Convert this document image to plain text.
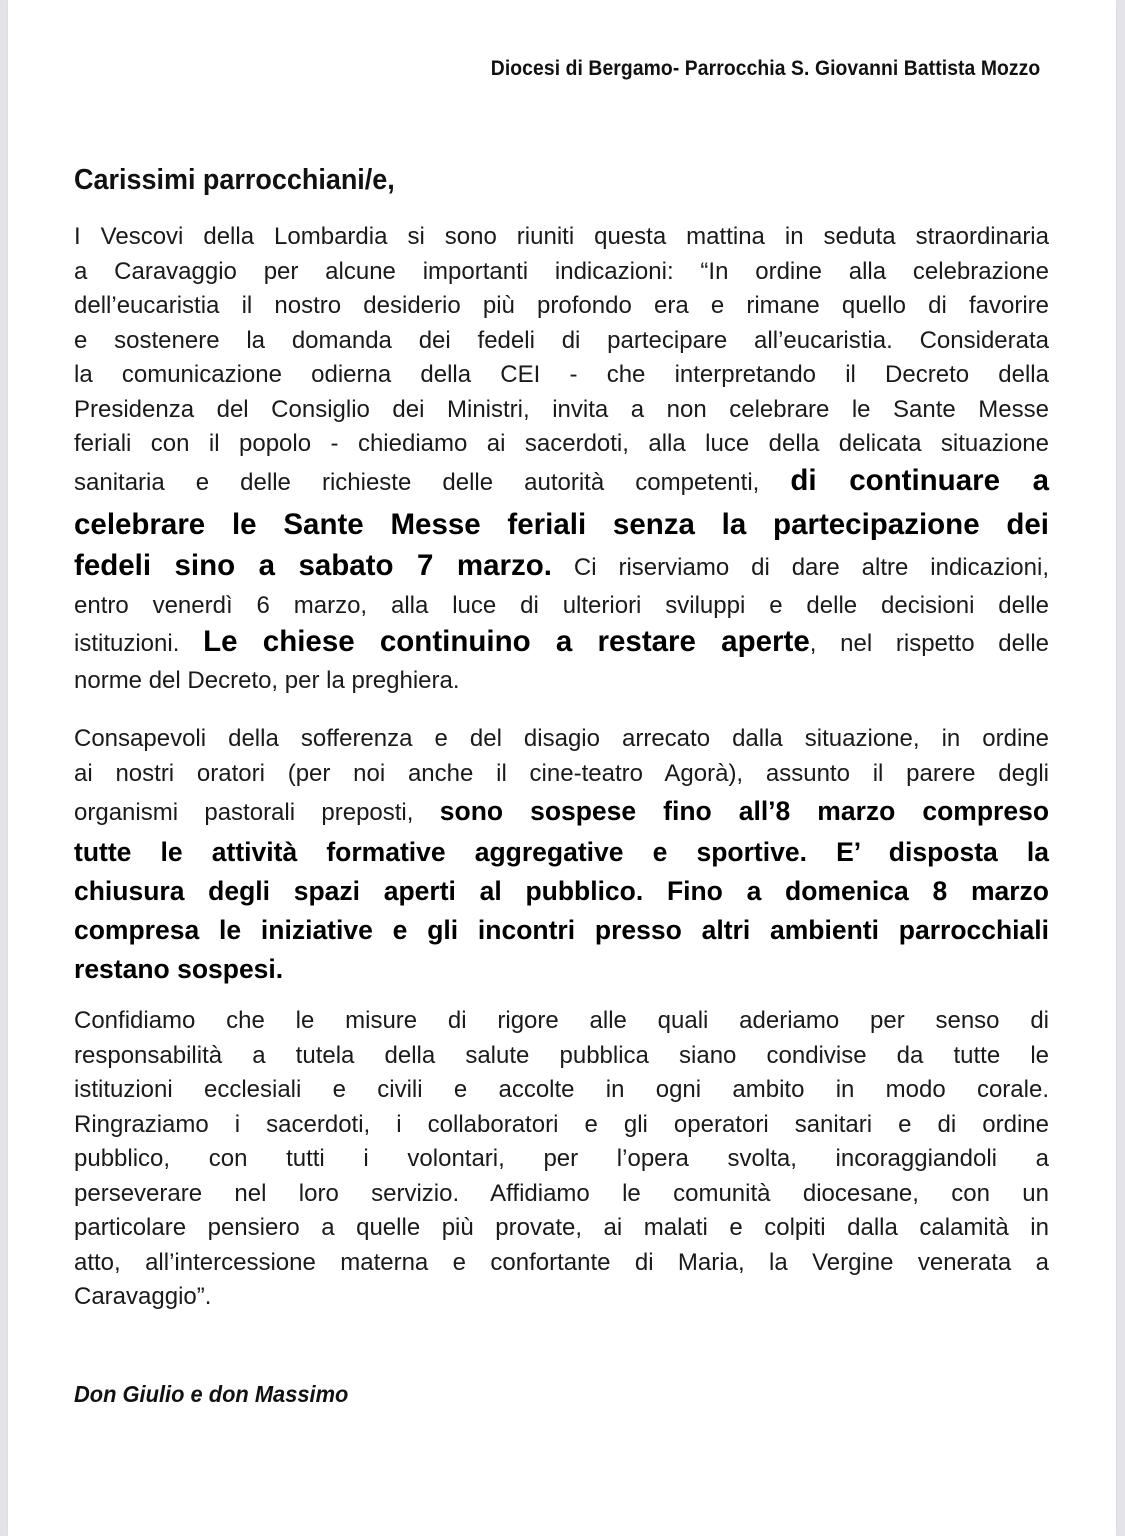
Diocesi di Bergamo- Parrocchia S. Giovanni Battista Mozzo
Carissimi parrocchiani/e,
I Vescovi della Lombardia si sono riuniti questa mattina in seduta straordinaria
a Caravaggio per alcune importanti indicazioni: “In ordine alla celebrazione
dell’eucaristia il nostro desiderio più profondo era e rimane quello di favorire
e sostenere la domanda dei fedeli di partecipare all’eucaristia. Considerata
la comunicazione odierna della CEI - che interpretando il Decreto della
Presidenza del Consiglio dei Ministri, invita a non celebrare le Sante Messe
feriali con il popolo - chiediamo ai sacerdoti, alla luce della delicata situazione
sanitaria e delle richieste delle autorità competenti, di continuare a
celebrare le Sante Messe feriali senza la partecipazione dei
fedeli sino a sabato 7 marzo. Ci riserviamo di dare altre indicazioni,
entro venerdì 6 marzo, alla luce di ulteriori sviluppi e delle decisioni delle
istituzioni. Le chiese continuino a restare aperte, nel rispetto delle
norme del Decreto, per la preghiera.
Consapevoli della sofferenza e del disagio arrecato dalla situazione, in ordine
ai nostri oratori (per noi anche il cine-teatro Agorà), assunto il parere degli
organismi pastorali preposti, sono sospese fino all’8 marzo compreso
tutte le attività formative aggregative e sportive. E’ disposta la
chiusura degli spazi aperti al pubblico. Fino a domenica 8 marzo
compresa le iniziative e gli incontri presso altri ambienti parrocchiali
restano sospesi.
Confidiamo che le misure di rigore alle quali aderiamo per senso di
responsabilità a tutela della salute pubblica siano condivise da tutte le
istituzioni ecclesiali e civili e accolte in ogni ambito in modo corale.
Ringraziamo i sacerdoti, i collaboratori e gli operatori sanitari e di ordine
pubblico, con tutti i volontari, per l’opera svolta, incoraggiandoli a
perseverare nel loro servizio. Affidiamo le comunità diocesane, con un
particolare pensiero a quelle più provate, ai malati e colpiti dalla calamità in
atto, all’intercessione materna e confortante di Maria, la Vergine venerata a
Caravaggio”.
Don Giulio e don Massimo
